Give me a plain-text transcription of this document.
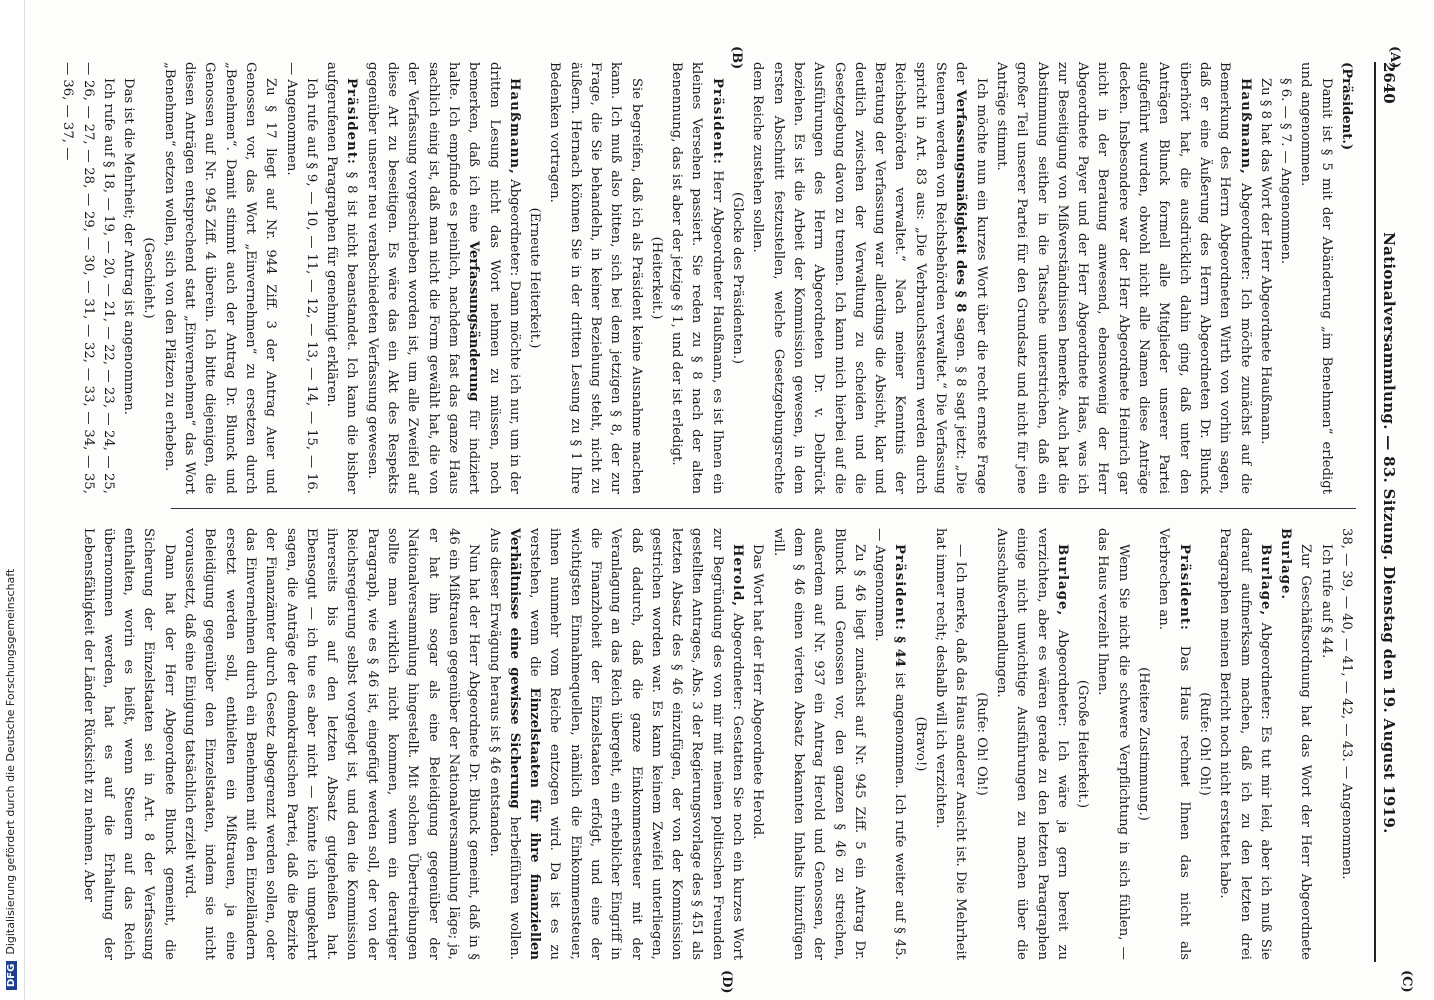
2640
Nationalversammlung. — 83. Sitzung. Dienstag den 19. August 1919.
(A)
(B)
(C)
(D)

(Präsident.)

Damit ist § 5 mit der Abänderung „im Benehmen“ erledigt und angenommen.

§ 6. — § 7. — Angenommen.

Zu § 8 hat das Wort der Herr Abgeordnete Haußmann.

Haußmann, Abgeordneter: Ich möchte zunächst auf die Bemerkung des Herrn Abgeordneten Wirth von vorhin sagen, daß er eine Äußerung des Herrn Abgeordneten Dr. Blunck überhört hat, die ausdrücklich dahin ging, daß unter den Anträgen Blunck formell alle Mitglieder unserer Partei aufgeführt wurden, obwohl nicht alle Namen diese Anträge decken. Insbesondere war der Herr Abgeordnete Heinrich gar nicht in der Beratung anwesend, ebensowenig der Herr Abgeordnete Payer und der Herr Abgeordnete Haas, was ich zur Beseitigung von Mißverständnissen bemerke. Auch hat die Abstimmung seither in die Tatsache unterstrichen, daß ein großer Teil unserer Partei für den Grundsatz und nicht für jene Anträge stimmt.

Ich möchte nun ein kurzes Wort über die recht ernste Frage der Verfassungsmäßigkeit des § 8 sagen. § 8 sagt jetzt: „Die Steuern werden von Reichsbehörden verwaltet.“ Die Verfassung spricht in Art. 83 aus: „Die Verbrauchssteuern werden durch Reichsbehörden verwaltet.“ Nach meiner Kenntnis der Beratung der Verfassung war allerdings die Absicht, klar und deutlich zwischen der Verwaltung zu scheiden und die Gesetzgebung davon zu trennen. Ich kann mich hierbei auf die Ausführungen des Herrn Abgeordneten Dr. v. Delbrück beziehen. Es ist die Arbeit der Kommission gewesen, in dem ersten Abschnitt festzustellen, welche Gesetzgebungsrechte dem Reiche zustehen sollen.

(Glocke des Präsidenten.)

Präsident: Herr Abgeordneter Haußmann, es ist Ihnen ein kleines Versehen passiert. Sie reden zu § 8 nach der alten Benennung, das ist aber der jetzige § 1, und der ist erledigt.

(Heiterkeit.)

Sie begreifen, daß ich als Präsident keine Ausnahme machen kann. Ich muß also bitten, sich bei dem jetzigen § 8, der zur Frage, die Sie behandeln, in keiner Beziehung steht, nicht zu äußern. Hernach können Sie in der dritten Lesung zu § 1 Ihre Bedenken vortragen.

(Erneute Heiterkeit.)

Haußmann, Abgeordneter: Dann möchte ich nur, um in der dritten Lesung nicht das Wort nehmen zu müssen, noch bemerken, daß ich eine Verfassungsänderung für indiziert halte. Ich empfinde es peinlich, nachdem fast das ganze Haus sachlich einig ist, daß man nicht die Form gewählt hat, die von der Verfassung vorgeschrieben worden ist, um alle Zweifel auf diese Art zu beseitigen. Es wäre das ein Akt des Respekts gegenüber unserer neu verabschiedeten Verfassung gewesen.

Präsident: § 8 ist nicht beanstandet. Ich kann die bisher aufgerufenen Paragraphen für genehmigt erklären.

Ich rufe auf § 9, — 10, — 11, — 12, — 13, — 14, — 15, — 16. — Angenommen.

Zu § 17 liegt auf Nr. 944 Ziff. 3 der Antrag Auer und Genossen vor, das Wort „Einvernehmen“ zu ersetzen durch „Benehmen“. Damit stimmt auch der Antrag Dr. Blunck und Genossen auf Nr. 945 Ziff. 4 überein. Ich bitte diejenigen, die diesen Anträgen entsprechend statt „Einvernehmen“ das Wort „Benehmen“ setzen wollen, sich von den Plätzen zu erheben.

(Geschieht.)

Das ist die Mehrheit; der Antrag ist angenommen.

Ich rufe auf § 18, — 19, — 20, — 21, — 22, — 23, — 24, — 25, — 26, — 27, — 28, — 29, — 30, — 31, — 32, — 33, — 34, — 35, — 36, — 37, —

38, — 39, — 40, — 41, — 42, — 43. — Angenommen.

Ich rufe auf § 44.

Zur Geschäftsordnung hat das Wort der Herr Abgeordnete Burlage.

Burlage, Abgeordneter: Es tut mir leid, aber ich muß Sie darauf aufmerksam machen, daß ich zu den letzten drei Paragraphen meinen Bericht noch nicht erstattet habe.

(Rufe: Oh! Oh!)

Präsident: Das Haus rechnet Ihnen das nicht als Verbrechen an.

(Heitere Zustimmung.)

Wenn Sie nicht die schwere Verpflichtung in sich fühlen, — das Haus verzeiht Ihnen.

(Große Heiterkeit.)

Burlage, Abgeordneter: Ich wäre ja gern bereit zu verzichten, aber es wären gerade zu den letzten Paragraphen einige nicht unwichtige Ausführungen zu machen über die Ausschußverhandlungen.

(Rufe: Oh! Oh!)

— Ich merke, daß das Haus anderer Ansicht ist. Die Mehrheit hat immer recht; deshalb will ich verzichten.

(Bravo!)

Präsident: § 44 ist angenommen. Ich rufe weiter auf § 45. — Angenommen.

Zu § 46 liegt zunächst auf Nr. 945 Ziff. 5 ein Antrag Dr. Blunck und Genossen vor, den ganzen § 46 zu streichen, außerdem auf Nr. 937 ein Antrag Herold und Genossen, der dem § 46 einen vierten Absatz bekannten Inhalts hinzufügen will.

Das Wort hat der Herr Abgeordnete Herold.

Herold, Abgeordneter: Gestatten Sie noch ein kurzes Wort zur Begründung des von mir mit meinen politischen Freunden gestellten Antrages, Abs. 3 der Regierungsvorlage des § 451 als letzten Absatz des § 46 einzufügen, der von der Kommission gestrichen worden war. Es kann keinem Zweifel unterliegen, daß dadurch, daß die ganze Einkommensteuer mit der Veranlagung an das Reich übergeht, ein erheblicher Eingriff in die Finanzhoheit der Einzelstaaten erfolgt, und eine der wichtigsten Einnahmequellen, nämlich die Einkommensteuer, ihnen nunmehr vom Reiche entzogen wird. Da ist es zu verstehen, wenn die Einzelstaaten für ihre finanziellen Verhältnisse eine gewisse Sicherung herbeiführen wollen. Aus dieser Erwägung heraus ist § 46 entstanden.

Nun hat der Herr Abgeordnete Dr. Blunck gemeint, daß in § 46 ein Mißtrauen gegenüber der Nationalversammlung läge; ja, er hat ihn sogar als eine Beleidigung gegenüber der Nationalversammlung hingestellt. Mit solchen Übertreibungen sollte man wirklich nicht kommen, wenn ein derartiger Paragraph, wie es § 46 ist, eingefügt werden soll, der von der Reichsregierung selbst vorgelegt ist, und den die Kommission ihrerseits bis auf den letzten Absatz gutgeheißen hat. Ebensogut — ich tue es aber nicht — könnte ich umgekehrt sagen, die Anträge der demokratischen Partei, daß die Bezirke der Finanzämter durch Gesetz abgegrenzt werden sollen, oder das Einvernehmen durch ein Benehmen mit den Einzelländern ersetzt werden soll, enthielten ein Mißtrauen, ja eine Beleidigung gegenüber den Einzelstaaten, indem sie nicht voraussetzt, daß eine Einigung tatsächlich erzielt wird.

Dann hat der Herr Abgeordnete Blunck gemeint, die Sicherung der Einzelstaaten sei in Art. 8 der Verfassung enthalten, worin es heißt, wenn Steuern auf das Reich übernommen werden, hat es auf die Erhaltung der Lebensfähigkeit der Länder Rücksicht zu nehmen. Aber

DFGDigitalisierung gefördert durch die Deutsche Forschungsgemeinschaft
